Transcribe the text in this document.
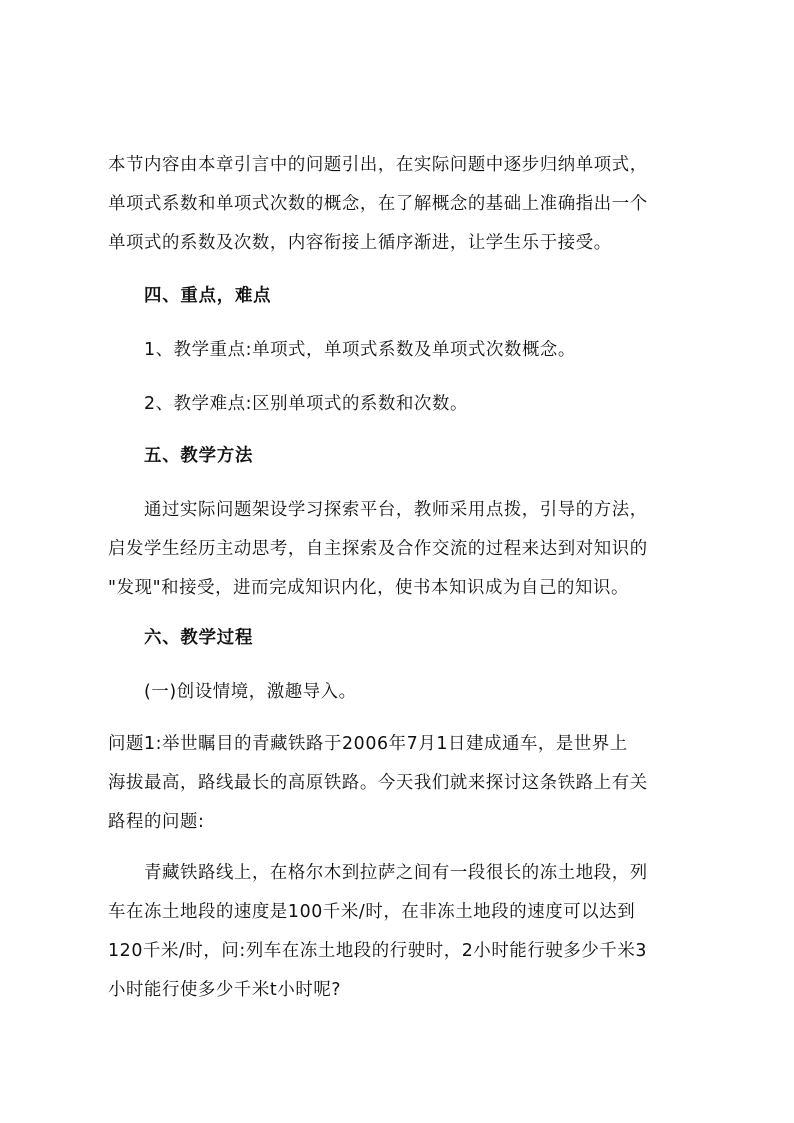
本节内容由本章引言中的问题引出，在实际问题中逐步归纳单项式，
单项式系数和单项式次数的概念，在了解概念的基础上准确指出一个
单项式的系数及次数，内容衔接上循序渐进，让学生乐于接受。
四、重点，难点
1、教学重点:单项式，单项式系数及单项式次数概念。
2、教学难点:区别单项式的系数和次数。
五、教学方法
通过实际问题架设学习探索平台，教师采用点拨，引导的方法，
启发学生经历主动思考，自主探索及合作交流的过程来达到对知识的
"发现"和接受，进而完成知识内化，使书本知识成为自己的知识。
六、教学过程
(一)创设情境，激趣导入。
问题1:举世瞩目的青藏铁路于2006年7月1日建成通车，是世界上
海拔最高，路线最长的高原铁路。今天我们就来探讨这条铁路上有关
路程的问题:
青藏铁路线上，在格尔木到拉萨之间有一段很长的冻土地段，列
车在冻土地段的速度是100千米/时，在非冻土地段的速度可以达到
120千米/时，问:列车在冻土地段的行驶时，2小时能行驶多少千米3
小时能行使多少千米t小时呢?
